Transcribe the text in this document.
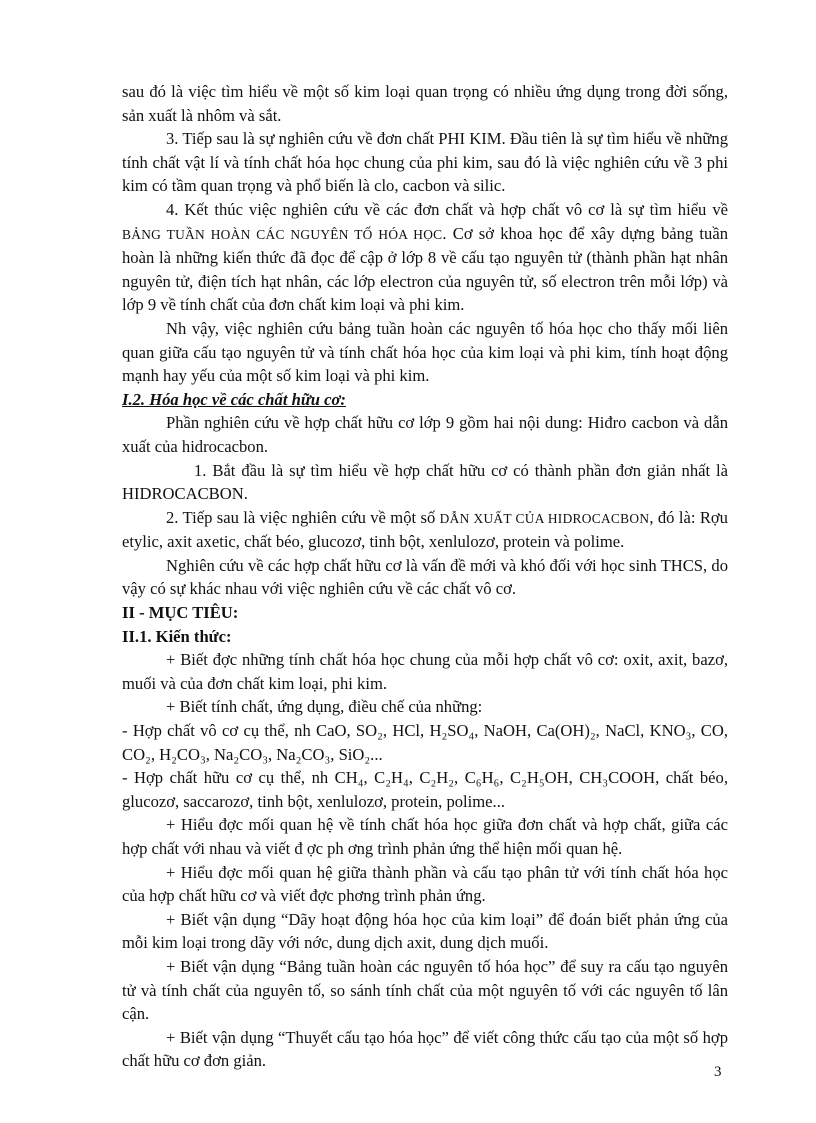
sau đó là việc tìm hiểu về một số kim loại quan trọng có nhiều ứng dụng trong đời sống, sản xuất là nhôm và sắt.

3. Tiếp sau là sự nghiên cứu về đơn chất PHI KIM. Đầu tiên là sự tìm hiểu về những tính chất vật lí và tính chất hóa học chung của phi kim, sau đó là việc nghiên cứu về 3 phi kim có tầm quan trọng và phổ biến là clo, cacbon và silic.

4. Kết thúc việc nghiên cứu về các đơn chất và hợp chất vô cơ là sự tìm hiểu về BẢNG TUẦN HOÀN CÁC NGUYÊN TỐ HÓA HỌC. Cơ sở khoa học để xây dựng bảng tuần hoàn là những kiến thức đã đọc để cập ở lớp 8 về cấu tạo nguyên tử (thành phần hạt nhân nguyên tử, điện tích hạt nhân, các lớp electron của nguyên tử, số electron trên mỗi lớp) và lớp 9 về tính chất của đơn chất kim loại và phi kim.

Nh vậy, việc nghiên cứu bảng tuần hoàn các nguyên tố hóa học cho thấy mối liên quan giữa cấu tạo nguyên tử và tính chất hóa học của kim loại và phi kim, tính hoạt động mạnh hay yếu của một số kim loại và phi kim.

I.2. Hóa học về các chất hữu cơ:

Phần nghiên cứu về hợp chất hữu cơ lớp 9 gồm hai nội dung: Hiđro cacbon và dẫn xuất của hidrocacbon.

1. Bắt đầu là sự tìm hiểu về hợp chất hữu cơ có thành phần đơn giản nhất là HIDROCACBON.

2. Tiếp sau là việc nghiên cứu về một số DẪN XUẤT CỦA HIDROCACBON, đó là: Rợu etylic, axit axetic, chất béo, glucozơ, tinh bột, xenlulozơ, protein và polime.

Nghiên cứu về các hợp chất hữu cơ là vấn đề mới và khó đối với học sinh THCS, do vậy có sự khác nhau với việc nghiên cứu về các chất vô cơ.

II - MỤC TIÊU:

II.1. Kiến thức:

+ Biết đợc những tính chất hóa học chung của mỗi hợp chất vô cơ: oxit, axit, bazơ, muối và của đơn chất kim loại, phi kim.

+ Biết tính chất, ứng dụng, điều chế của những:

- Hợp chất vô cơ cụ thể, nh CaO, SO₂, HCl, H₂SO₄, NaOH, Ca(OH)₂, NaCl, KNO₃, CO, CO₂, H₂CO₃, Na₂CO₃, Na₂CO₃, SiO₂...

- Hợp chất hữu cơ cụ thể, nh CH₄, C₂H₄, C₂H₂, C₆H₆, C₂H₅OH, CH₃COOH, chất béo, glucozơ, saccarozơ, tinh bột, xenlulozơ, protein, polime...

+ Hiểu đợc mối quan hệ về tính chất hóa học giữa đơn chất và hợp chất, giữa các hợp chất với nhau và viết đ ợc ph ơng trình phản ứng thể hiện mối quan hệ.

+ Hiểu đợc mối quan hệ giữa thành phần và cấu tạo phân tử với tính chất hóa học của hợp chất hữu cơ và viết đợc phơng trình phản ứng.

+ Biết vận dụng “Dãy hoạt động hóa học của kim loại” để đoán biết phản ứng của mỗi kim loại trong dãy với nớc, dung dịch axit, dung dịch muối.

+ Biết vận dụng “Bảng tuần hoàn các nguyên tố hóa học” để suy ra cấu tạo nguyên tử và tính chất của nguyên tố, so sánh tính chất của một nguyên tố với các nguyên tố lân cận.

+ Biết vận dụng “Thuyết cấu tạo hóa học” để viết công thức cấu tạo của một số hợp chất hữu cơ đơn giản.

3
